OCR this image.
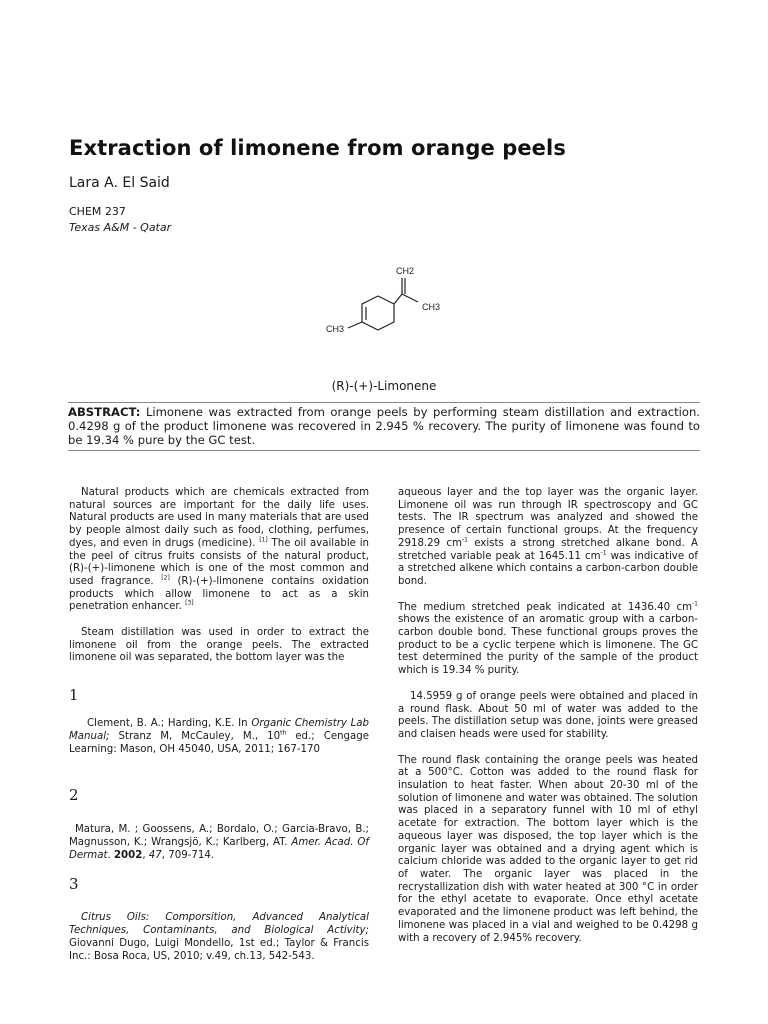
Extraction of limonene from orange peels
Lara A. El Said
CHEM 237
Texas A&M - Qatar
CH2
CH3
CH3
(R)-(+)-Limonene
ABSTRACT: Limonene was extracted from orange peels by performing steam distillation and extraction. 0.4298 g of the product limonene was recovered in 2.945 % recovery. The purity of limonene was found to be 19.34 % pure by the GC test.

Natural products which are chemicals extracted from natural sources are important for the daily life uses. Natural products are used in many materials that are used by people almost daily such as food, clothing, perfumes, dyes, and even in drugs (medicine). [1] The oil available in the peel of citrus fruits consists of the natural product, (R)-(+)-limonene which is one of the most common and used fragrance. [2] (R)-(+)-limonene contains oxidation products which allow limonene to act as a skin penetration enhancer. [3]

Steam distillation was used in order to extract the limonene oil from the orange peels. The extracted limonene oil was separated, the bottom layer was the

1
Clement, B. A.; Harding, K.E. In Organic Chemistry Lab Manual; Stranz M, McCauley, M., 10th ed.; Cengage Learning: Mason, OH 45040, USA, 2011; 167-170
2
Matura, M. ; Goossens, A.; Bordalo, O.; Garcia-Bravo, B.; Magnusson, K.; Wrangsjö, K.; Karlberg, AT. Amer. Acad. Of Dermat. 2002, 47, 709-714.
3
Citrus Oils: Comporsition, Advanced Analytical Techniques, Contaminants, and Biological Activity; Giovanni Dugo, Luigi Mondello, 1st ed.; Taylor & Francis Inc.: Bosa Roca, US, 2010; v.49, ch.13, 542-543.

aqueous layer and the top layer was the organic layer. Limonene oil was run through IR spectroscopy and GC tests. The IR spectrum was analyzed and showed the presence of certain functional groups. At the frequency 2918.29 $cm^{-1}$ exists a strong stretched alkane bond. A stretched variable peak at 1645.11 $cm^{-1}$ was indicative of a stretched alkene which contains a carbon-carbon double bond.

The medium stretched peak indicated at 1436.40 $cm^{-1}$ shows the existence of an aromatic group with a carbon-carbon double bond. These functional groups proves the product to be a cyclic terpene which is limonene. The GC test determined the purity of the sample of the product which is 19.34 % purity.

14.5959 g of orange peels were obtained and placed in a round flask. About 50 ml of water was added to the peels. The distillation setup was done, joints were greased and claisen heads were used for stability.

The round flask containing the orange peels was heated at a 500°C. Cotton was added to the round flask for insulation to heat faster. When about 20-30 ml of the solution of limonene and water was obtained. The solution was placed in a separatory funnel with 10 ml of ethyl acetate for extraction. The bottom layer which is the aqueous layer was disposed, the top layer which is the organic layer was obtained and a drying agent which is calcium chloride was added to the organic layer to get rid of water. The organic layer was placed in the recrystallization dish with water heated at 300 °C in order for the ethyl acetate to evaporate. Once ethyl acetate evaporated and the limonene product was left behind, the limonene was placed in a vial and weighed to be 0.4298 g with a recovery of 2.945% recovery.
